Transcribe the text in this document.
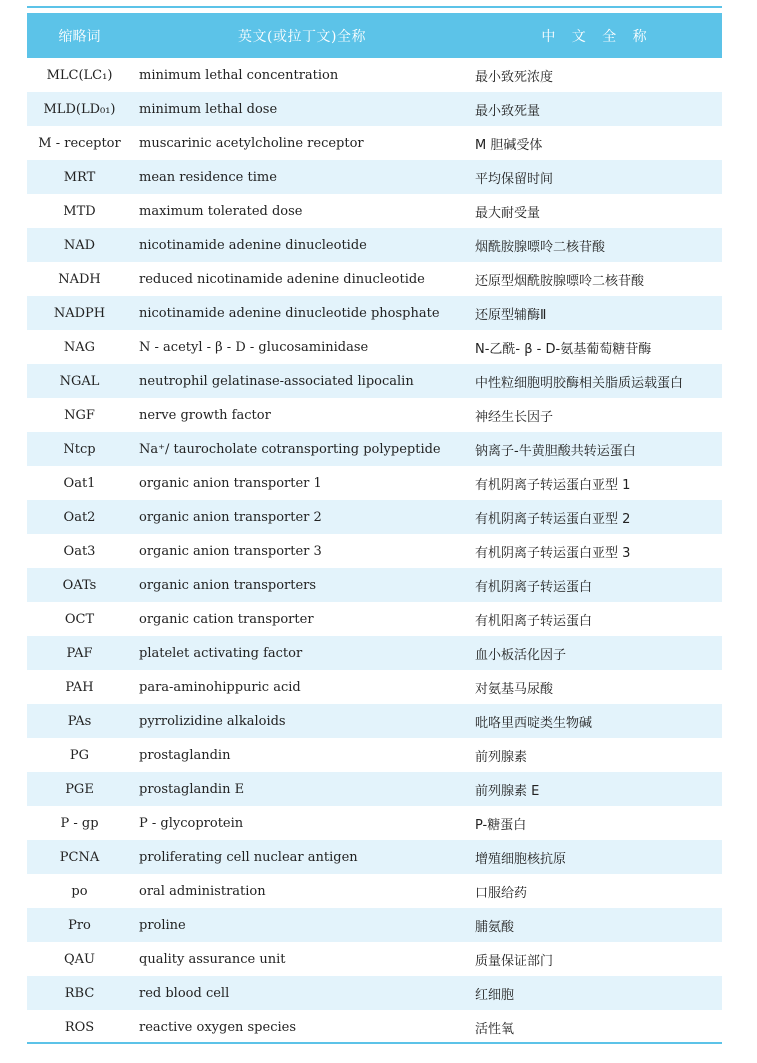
缩略词	英文(或拉丁文)全称	中 文 全 称
MLC(LC₁)	minimum lethal concentration	最小致死浓度
MLD(LD₀₁)	minimum lethal dose	最小致死量
M - receptor	muscarinic acetylcholine receptor	M 胆碱受体
MRT	mean residence time	平均保留时间
MTD	maximum tolerated dose	最大耐受量
NAD	nicotinamide adenine dinucleotide	烟酰胺腺嘌呤二核苷酸
NADH	reduced nicotinamide adenine dinucleotide	还原型烟酰胺腺嘌呤二核苷酸
NADPH	nicotinamide adenine dinucleotide phosphate	还原型辅酶Ⅱ
NAG	N - acetyl - β - D - glucosaminidase	N-乙酰- β - D-氨基葡萄糖苷酶
NGAL	neutrophil gelatinase-associated lipocalin	中性粒细胞明胶酶相关脂质运载蛋白
NGF	nerve growth factor	神经生长因子
Ntcp	Na⁺/ taurocholate cotransporting polypeptide	钠离子-牛黄胆酸共转运蛋白
Oat1	organic anion transporter 1	有机阴离子转运蛋白亚型 1
Oat2	organic anion transporter 2	有机阴离子转运蛋白亚型 2
Oat3	organic anion transporter 3	有机阴离子转运蛋白亚型 3
OATs	organic anion transporters	有机阴离子转运蛋白
OCT	organic cation transporter	有机阳离子转运蛋白
PAF	platelet activating factor	血小板活化因子
PAH	para-aminohippuric acid	对氨基马尿酸
PAs	pyrrolizidine alkaloids	吡咯里西啶类生物碱
PG	prostaglandin	前列腺素
PGE	prostaglandin E	前列腺素 E
P - gp	P - glycoprotein	P-糖蛋白
PCNA	proliferating cell nuclear antigen	增殖细胞核抗原
po	oral administration	口服给药
Pro	proline	脯氨酸
QAU	quality assurance unit	质量保证部门
RBC	red blood cell	红细胞
ROS	reactive oxygen species	活性氧
